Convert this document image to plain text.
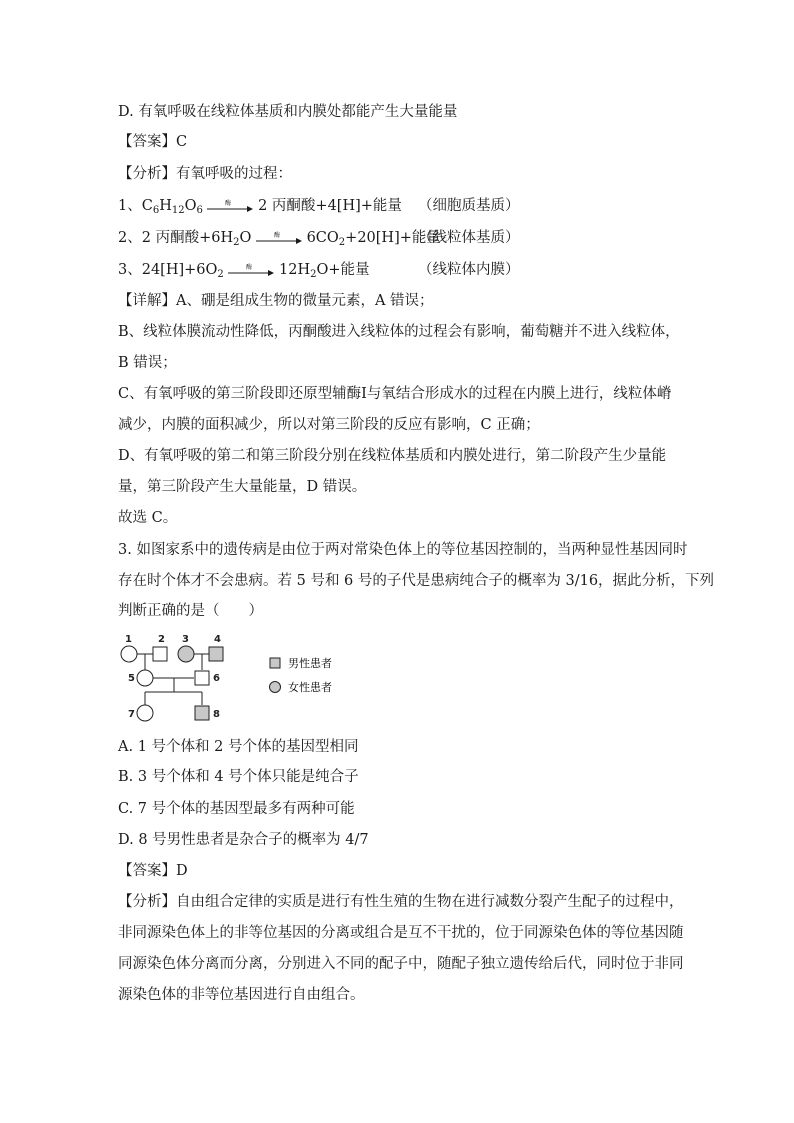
D. 有氧呼吸在线粒体基质和内膜处都能产生大量能量
【答案】C
【分析】有氧呼吸的过程：
1、$C_6H_{12}O_6$
酶 2 丙酮酸+4[H]+能量 （细胞质基质）
2、2 丙酮酸$+6H_2O$	酶 $6CO_2+20[H]+$能量
（线粒体基质）
3、$24[H]+6O_2$
酶 $12H_2O+$能量	（线粒体内膜）
【详解】A、硼是组成生物的微量元素，A 错误；
B、线粒体膜流动性降低，丙酮酸进入线粒体的过程会有影响，葡萄糖并不进入线粒体，
B 错误；
C、有氧呼吸的第三阶段即还原型辅酶Ⅰ与氧结合形成水的过程在内膜上进行，线粒体嵴
减少，内膜的面积减少，所以对第三阶段的反应有影响，C 正确；
D、有氧呼吸的第二和第三阶段分别在线粒体基质和内膜处进行，第二阶段产生少量能
量，第三阶段产生大量能量，D 错误。
故选 C。
3. 如图家系中的遗传病是由位于两对常染色体上的等位基因控制的，当两种显性基因同时
存在时个体才不会患病。若 5 号和 6 号的子代是患病纯合子的概率为 3/16，据此分析，下列
判断正确的是（　　）
1	2 3	4
5	6
7	8
男性患者
女性患者
A. 1 号个体和 2 号个体的基因型相同
B. 3 号个体和 4 号个体只能是纯合子
C. 7 号个体的基因型最多有两种可能
D. 8 号男性患者是杂合子的概率为 4/7
【答案】D
【分析】自由组合定律的实质是进行有性生殖的生物在进行减数分裂产生配子的过程中，
非同源染色体上的非等位基因的分离或组合是互不干扰的，位于同源染色体的等位基因随
同源染色体分离而分离，分别进入不同的配子中，随配子独立遗传给后代，同时位于非同
源染色体的非等位基因进行自由组合。
